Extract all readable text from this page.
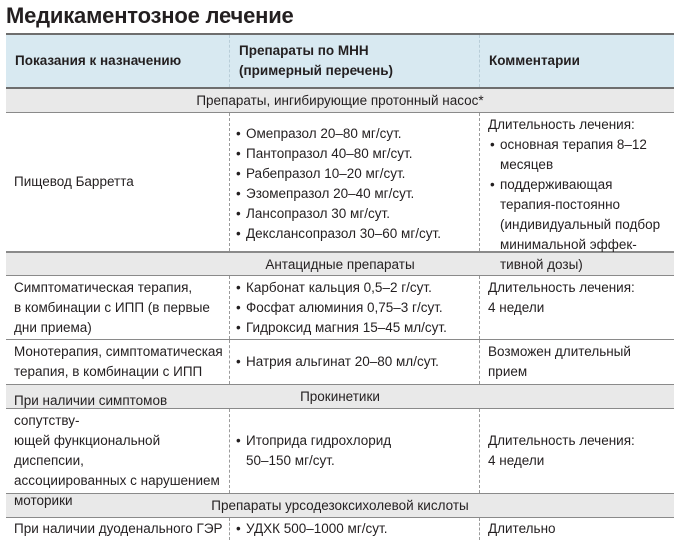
Медикаментозное лечение
Показания к назначению
Препараты по МНН
(примерный перечень)
Комментарии
Препараты, ингибирующие протонный насос*
Пищевод Барретта
• Омепразол 20–80 мг/сут.
• Пантопразол 40–80 мг/сут.
• Рабепразол 10–20 мг/сут.
• Эзомепразол 20–40 мг/сут.
• Лансопразол 30 мг/сут.
• Декслансопразол 30–60 мг/сут.
Длительность лечения:
• основная терапия 8–12 месяцев
• поддерживающая терапия-постоянно (индивидуальный подбор минимальной эффек-тивной дозы)
Антацидные препараты
Симптоматическая терапия,
в комбинации с ИПП (в первые
дни приема)
• Карбонат кальция 0,5–2 г/сут.
• Фосфат алюминия 0,75–3 г/сут.
• Гидроксид магния 15–45 мл/сут.
Длительность лечения:
4 недели
Монотерапия, симптоматическая
терапия, в комбинации с ИПП
• Натрия альгинат 20–80 мл/сут.
Возможен длительный прием
Прокинетики
При наличии симптомов сопутству-
ющей функциональной диспепсии,
ассоциированных с нарушением
моторики
• Итоприда гидрохлорид 50–150 мг/сут.
Длительность лечения:
4 недели
Препараты урсодезоксихолевой кислоты
При наличии дуоденального ГЭР • УДХК 500–1000 мг/сут.	Длительно
